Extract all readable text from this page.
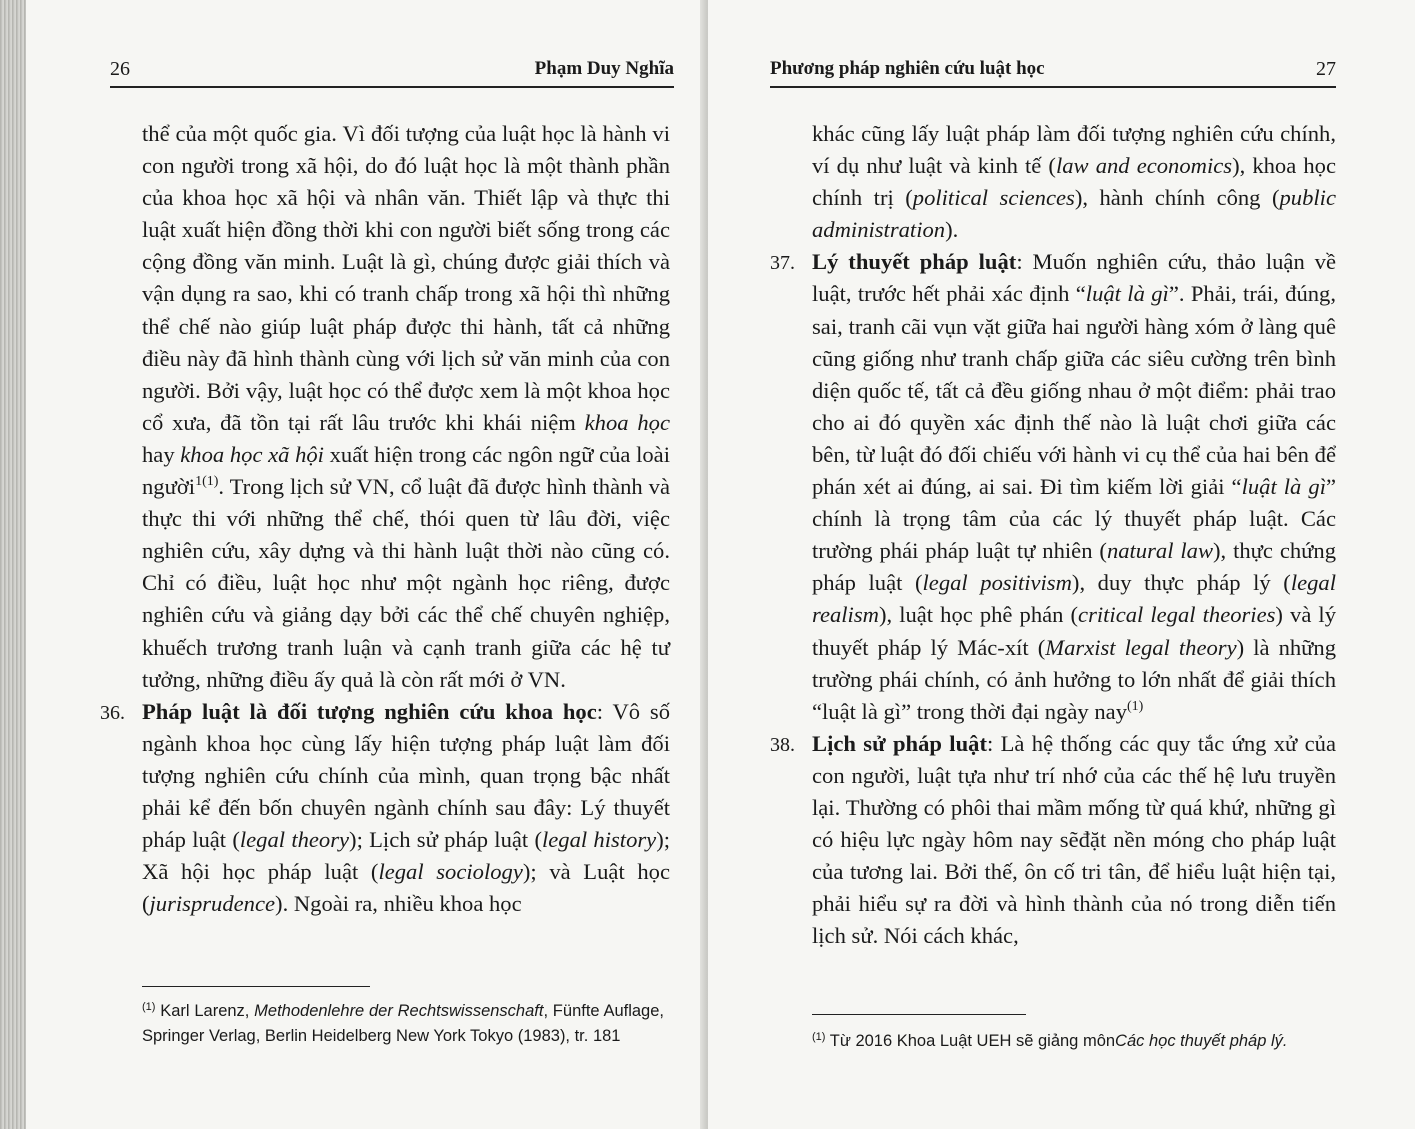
26	Phạm Duy Nghĩa

thể của một quốc gia. Vì đối tượng của luật học là hành vi con người trong xã hội, do đó luật học là một thành phần của khoa học xã hội và nhân văn. Thiết lập và thực thi luật xuất hiện đồng thời khi con người biết sống trong các cộng đồng văn minh. Luật là gì, chúng được giải thích và vận dụng ra sao, khi có tranh chấp trong xã hội thì những thể chế nào giúp luật pháp được thi hành, tất cả những điều này đã hình thành cùng với lịch sử văn minh của con người. Bởi vậy, luật học có thể được xem là một khoa học cổ xưa, đã tồn tại rất lâu trước khi khái niệm khoa học hay khoa học xã hội xuất hiện trong các ngôn ngữ của loài người$^{1(1)}$. Trong lịch sử VN, cổ luật đã được hình thành và thực thi với những thể chế, thói quen từ lâu đời, việc nghiên cứu, xây dựng và thi hành luật thời nào cũng có. Chỉ có điều, luật học như một ngành học riêng, được nghiên cứu và giảng dạy bởi các thể chế chuyên nghiệp, khuếch trương tranh luận và cạnh tranh giữa các hệ tư tưởng, những điều ấy quả là còn rất mới ở VN.

36. Pháp luật là đối tượng nghiên cứu khoa học: Vô số ngành khoa học cùng lấy hiện tượng pháp luật làm đối tượng nghiên cứu chính của mình, quan trọng bậc nhất phải kể đến bốn chuyên ngành chính sau đây: Lý thuyết pháp luật (legal theory); Lịch sử pháp luật (legal history); Xã hội học pháp luật (legal sociology); và Luật học (jurisprudence). Ngoài ra, nhiều khoa học

$^{(1)}$ Karl Larenz, Methodenlehre der Rechtswissenschaft, Fünfte Auflage, Springer Verlag, Berlin Heidelberg New York Tokyo (1983), tr. 181
Phương pháp nghiên cứu luật học	27

khác cũng lấy luật pháp làm đối tượng nghiên cứu chính, ví dụ như luật và kinh tế (law and economics), khoa học chính trị (political sciences), hành chính công (public administration).

37. Lý thuyết pháp luật: Muốn nghiên cứu, thảo luận về luật, trước hết phải xác định “luật là gì”. Phải, trái, đúng, sai, tranh cãi vụn vặt giữa hai người hàng xóm ở làng quê cũng giống như tranh chấp giữa các siêu cường trên bình diện quốc tế, tất cả đều giống nhau ở một điểm: phải trao cho ai đó quyền xác định thế nào là luật chơi giữa các bên, từ luật đó đối chiếu với hành vi cụ thể của hai bên để phán xét ai đúng, ai sai. Đi tìm kiếm lời giải “luật là gì” chính là trọng tâm của các lý thuyết pháp luật. Các trường phái pháp luật tự nhiên (natural law), thực chứng pháp luật (legal positivism), duy thực pháp lý (legal realism), luật học phê phán (critical legal theories) và lý thuyết pháp lý Mác-xít (Marxist legal theory) là những trường phái chính, có ảnh hưởng to lớn nhất để giải thích “luật là gì” trong thời đại ngày nay$^{(1)}$

38. Lịch sử pháp luật: Là hệ thống các quy tắc ứng xử của con người, luật tựa như trí nhớ của các thế hệ lưu truyền lại. Thường có phôi thai mầm mống từ quá khứ, những gì có hiệu lực ngày hôm nay sẽđặt nền móng cho pháp luật của tương lai. Bởi thế, ôn cố tri tân, để hiểu luật hiện tại, phải hiểu sự ra đời và hình thành của nó trong diễn tiến lịch sử. Nói cách khác,

$^{(1)}$ Từ 2016 Khoa Luật UEH sẽ giảng mônCác học thuyết pháp lý.
